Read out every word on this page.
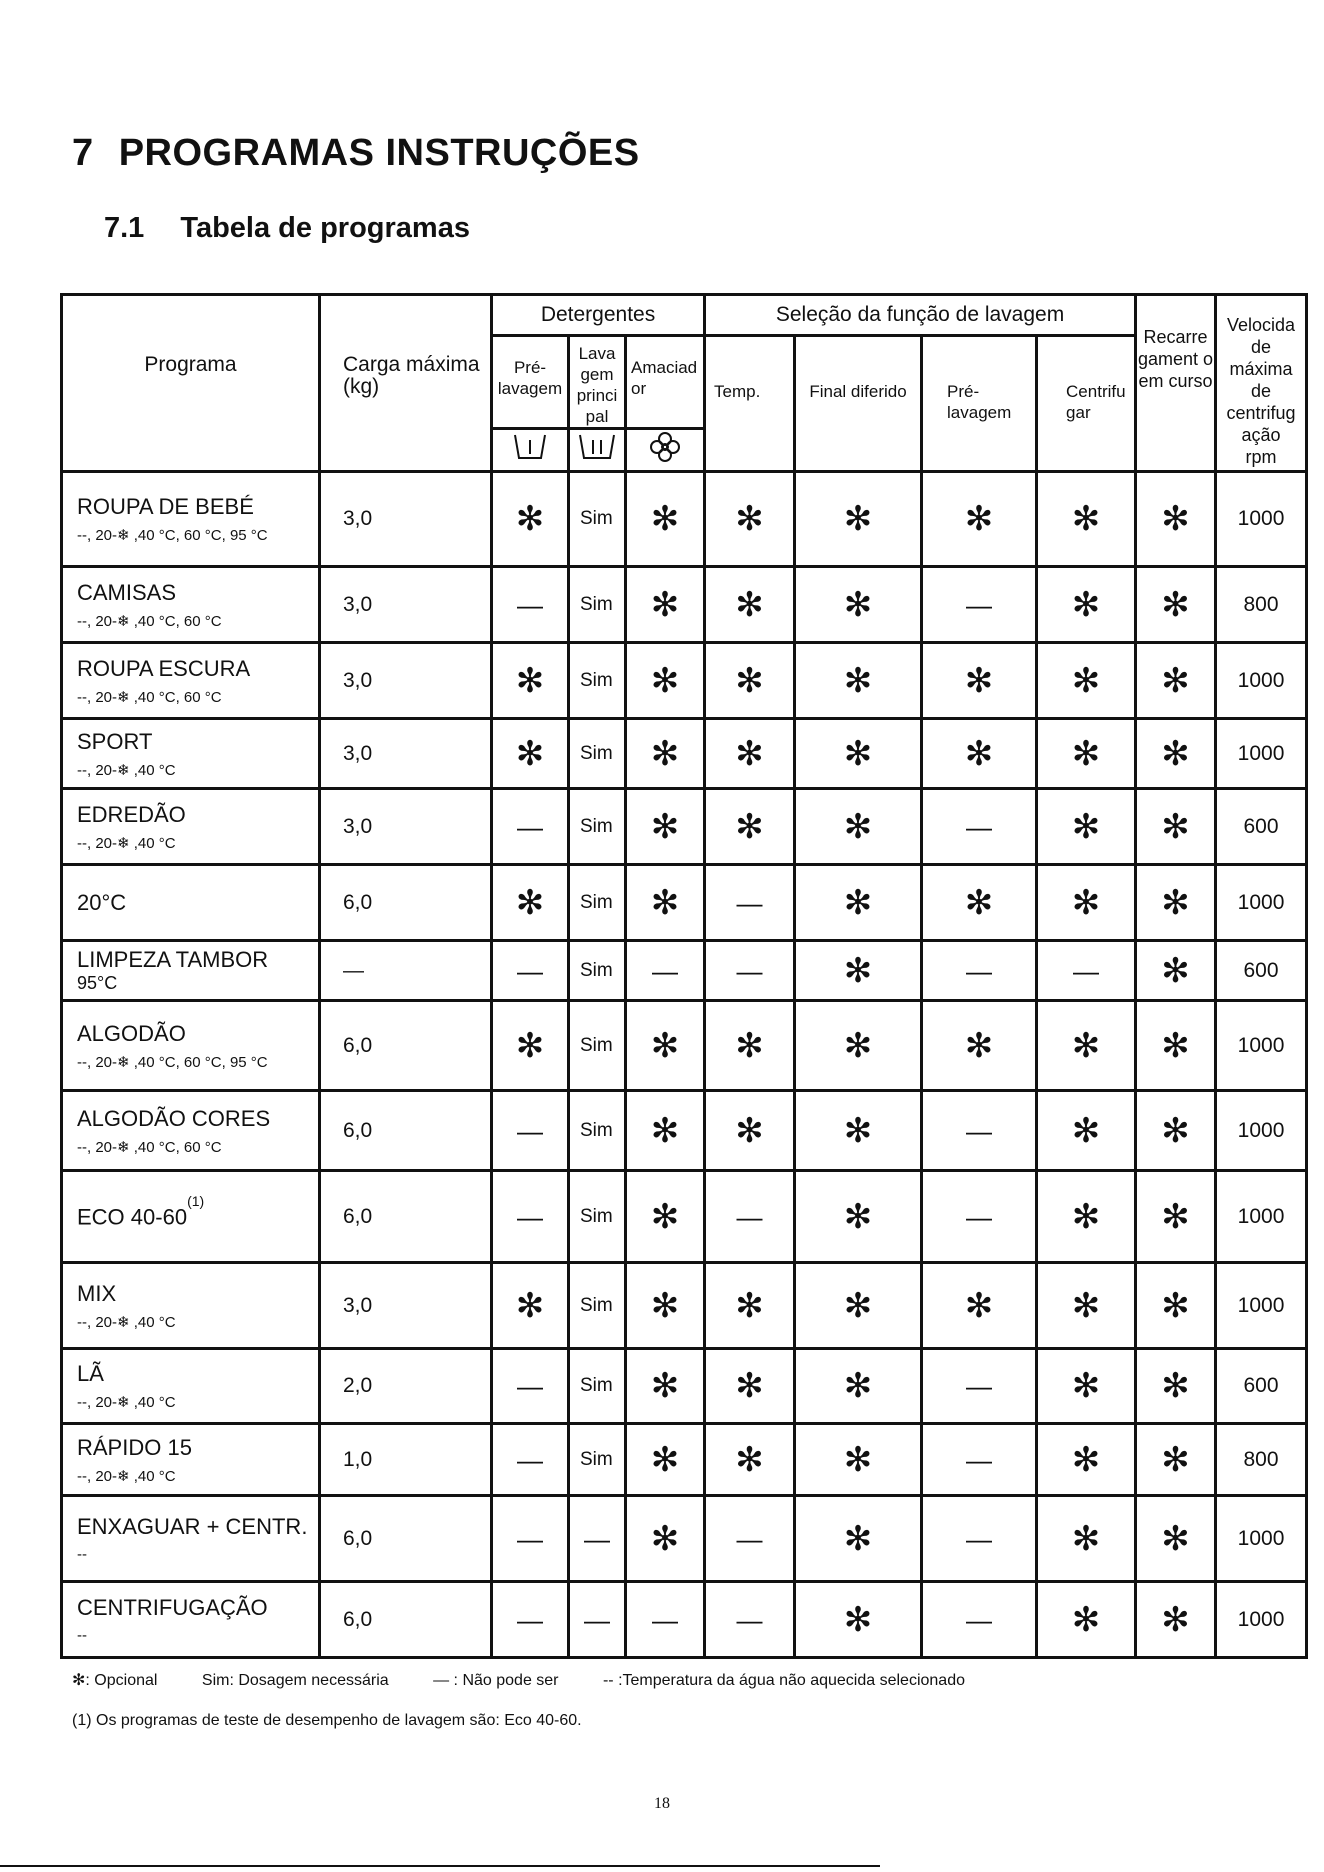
7 PROGRAMAS INSTRUÇÕES
7.1 Tabela de programas
Programa	Carga máxima (kg)	Detergentes			Seleção da função de lavagem				Recarre gament o em curso	Velocida de máxima de centrifug ação
rpm
		Pré-lavagem	Lava gem princi pal	Amaciad or	Temp.	Final diferido	Pré- lavagem	Centrifu gar		

ROUPA DE BEBÉ
--, 20-❄ ,40 °C, 60 °C, 95 °C	3,0	✻	Sim	✻	✻	✻	✻	✻	✻	1000

CAMISAS
--, 20-❄ ,40 °C, 60 °C	3,0	—	Sim	✻	✻	✻	—	✻	✻	800

ROUPA ESCURA
--, 20-❄ ,40 °C, 60 °C	3,0	✻	Sim	✻	✻	✻	✻	✻	✻	1000

SPORT
--, 20-❄ ,40 °C	3,0	✻	Sim	✻	✻	✻	✻	✻	✻	1000

EDREDÃO
--, 20-❄ ,40 °C	3,0	—	Sim	✻	✻	✻	—	✻	✻	600

20°C	6,0	✻	Sim	✻	—	✻	✻	✻	✻	1000

LIMPEZA TAMBOR
95°C	—	—	Sim	—	—	✻	—	—	✻	600

ALGODÃO
--, 20-❄ ,40 °C, 60 °C, 95 °C	6,0	✻	Sim	✻	✻	✻	✻	✻	✻	1000

ALGODÃO CORES
--, 20-❄ ,40 °C, 60 °C	6,0	—	Sim	✻	✻	✻	—	✻	✻	1000

ECO 40-60$^{(1)}$	6,0	—	Sim	✻	—	✻	—	✻	✻	1000

MIX
--, 20-❄ ,40 °C	3,0	✻	Sim	✻	✻	✻	✻	✻	✻	1000

LÃ
--, 20-❄ ,40 °C	2,0	—	Sim	✻	✻	✻	—	✻	✻	600

RÁPIDO 15
--, 20-❄ ,40 °C	1,0	—	Sim	✻	✻	✻	—	✻	✻	800

ENXAGUAR + CENTR.
--	6,0	—	—	✻	—	✻	—	✻	✻	1000

CENTRIFUGAÇÃO
--	6,0	—	—	—	—	✻	—	✻	✻	1000
✻: Opcional	Sim: Dosagem necessária	— : Não pode ser	-- :Temperatura da água não aquecida selecionado
(1) Os programas de teste de desempenho de lavagem são: Eco 40-60.
18
